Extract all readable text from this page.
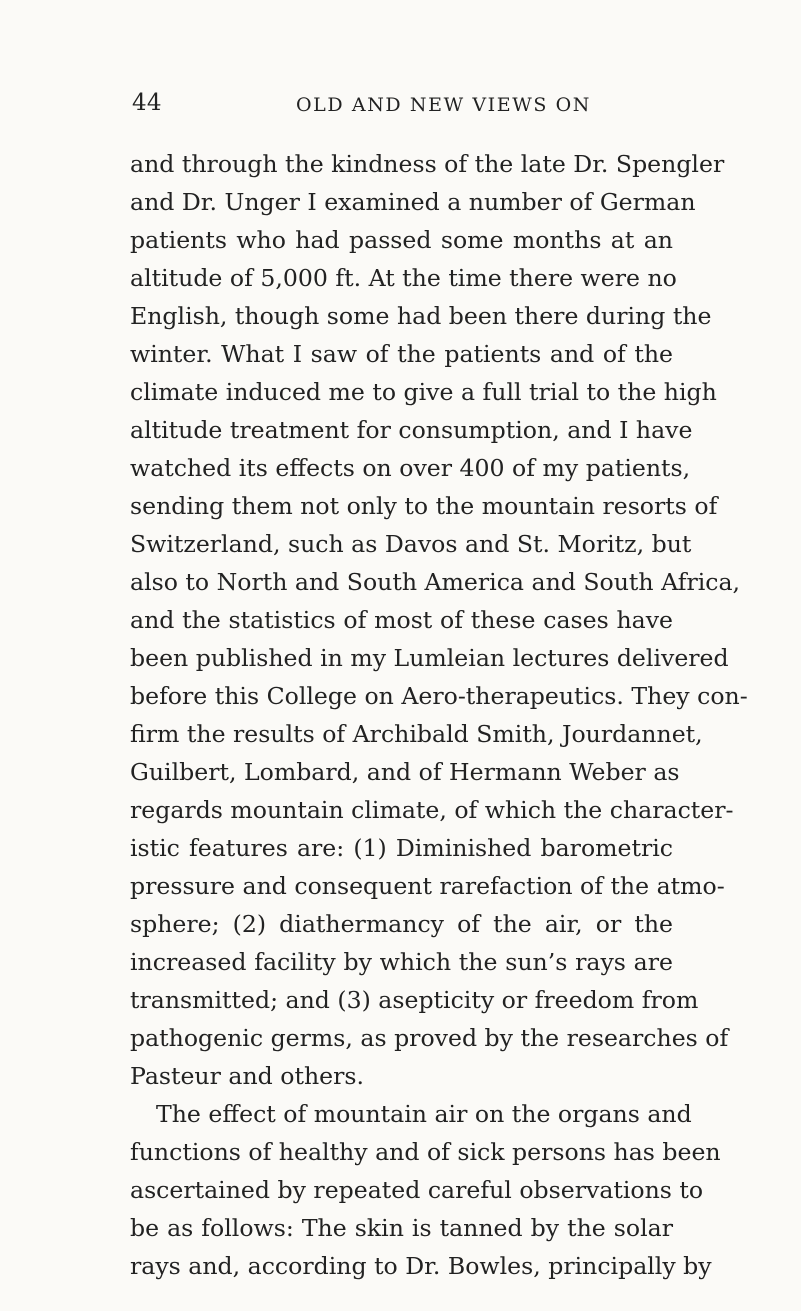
44	OLD AND NEW VIEWS ON
and through the kindness of the late Dr. Spengler
and Dr. Unger I examined a number of German
patients who had passed some months at an
altitude of 5,000 ft. At the time there were no
English, though some had been there during the
winter. What I saw of the patients and of the
climate induced me to give a full trial to the high
altitude treatment for consumption, and I have
watched its effects on over 400 of my patients,
sending them not only to the mountain resorts of
Switzerland, such as Davos and St. Moritz, but
also to North and South America and South Africa,
and the statistics of most of these cases have
been published in my Lumleian lectures delivered
before this College on Aero-therapeutics. They con-
firm the results of Archibald Smith, Jourdannet,
Guilbert, Lombard, and of Hermann Weber as
regards mountain climate, of which the character-
istic features are: (1) Diminished barometric
pressure and consequent rarefaction of the atmo-
sphere; (2) diathermancy of the air, or the
increased facility by which the sun’s rays are
transmitted; and (3) asepticity or freedom from
pathogenic germs, as proved by the researches of
Pasteur and others.
The effect of mountain air on the organs and
functions of healthy and of sick persons has been
ascertained by repeated careful observations to
be as follows: The skin is tanned by the solar
rays and, according to Dr. Bowles, principally by
